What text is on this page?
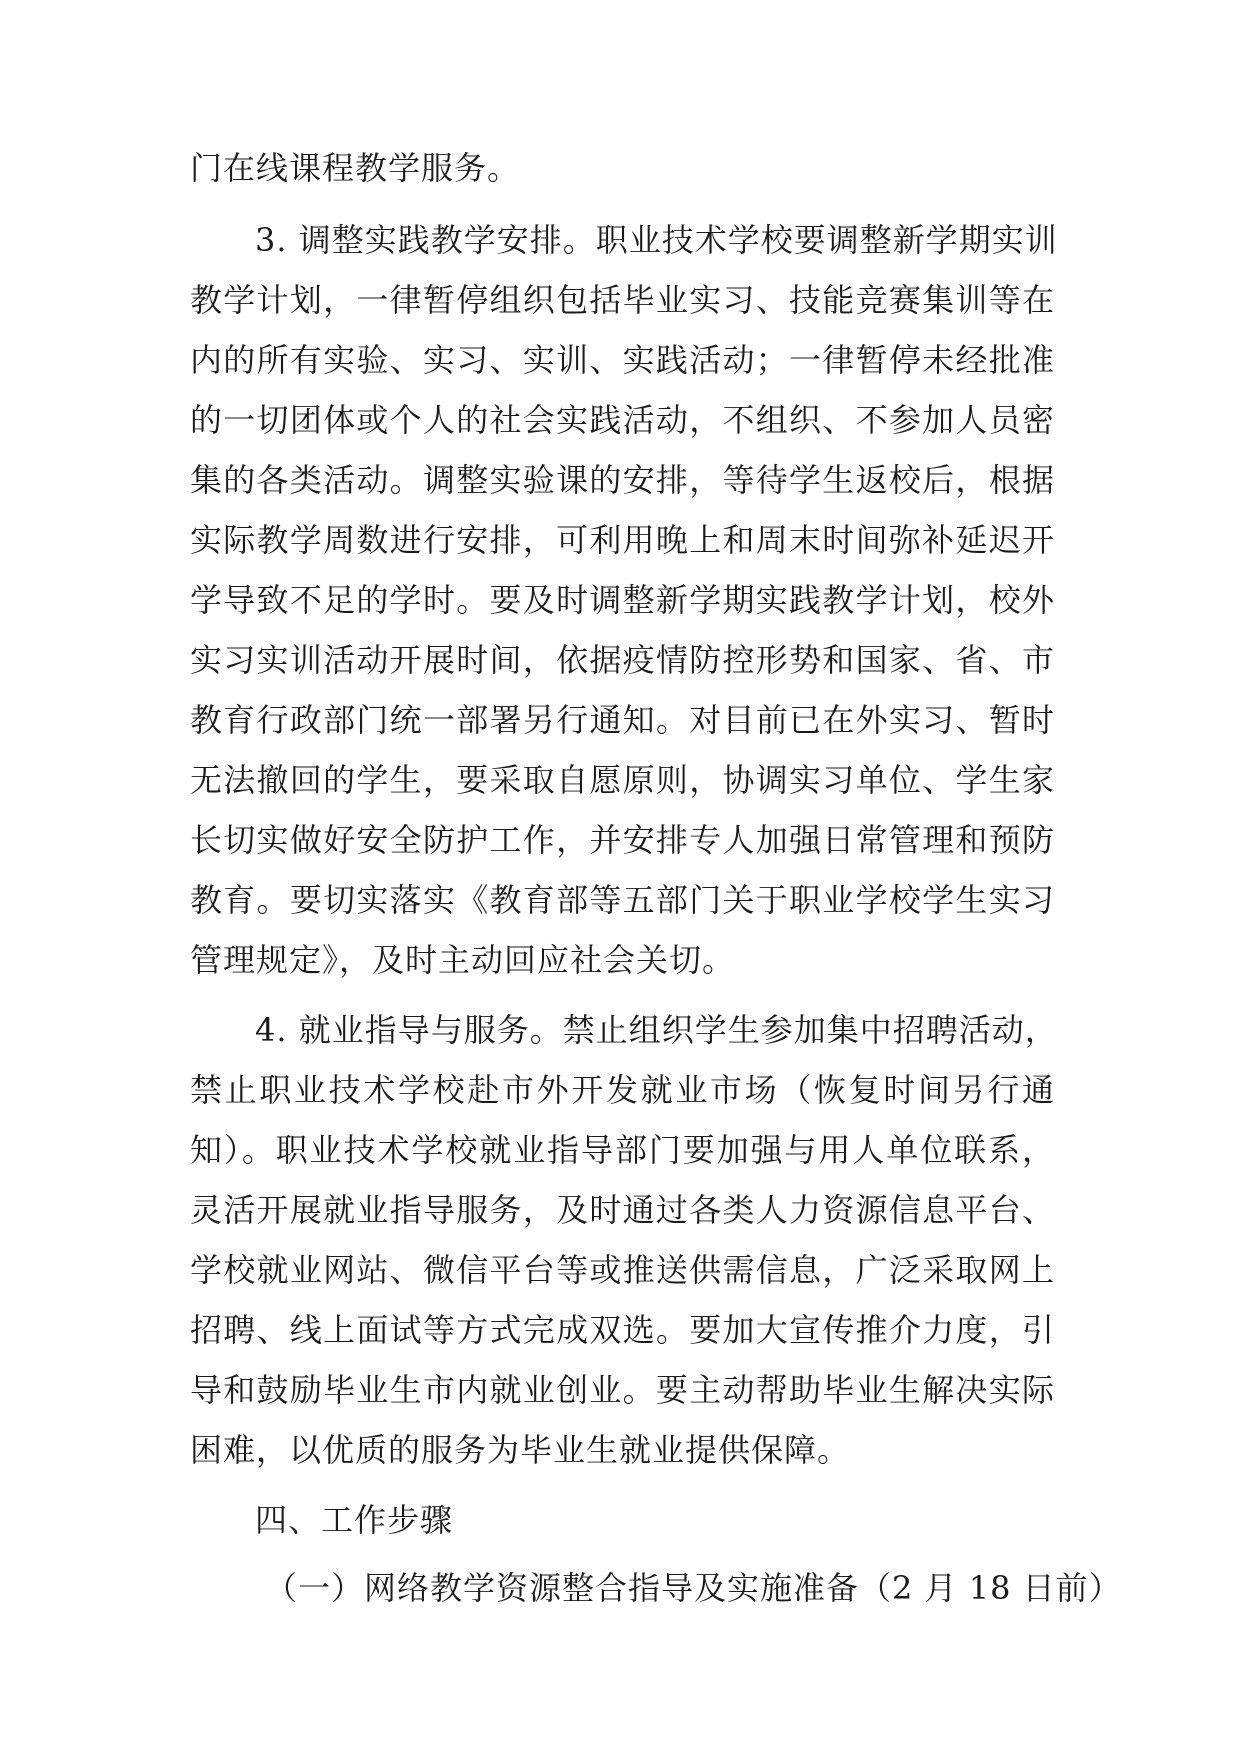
门在线课程教学服务。
3. 调整实践教学安排。职业技术学校要调整新学期实训
教学计划，一律暂停组织包括毕业实习、技能竞赛集训等在
内的所有实验、实习、实训、实践活动；一律暂停未经批准
的一切团体或个人的社会实践活动，不组织、不参加人员密
集的各类活动。调整实验课的安排，等待学生返校后，根据
实际教学周数进行安排，可利用晚上和周末时间弥补延迟开
学导致不足的学时。要及时调整新学期实践教学计划，校外
实习实训活动开展时间，依据疫情防控形势和国家、省、市
教育行政部门统一部署另行通知。对目前已在外实习、暂时
无法撤回的学生，要采取自愿原则，协调实习单位、学生家
长切实做好安全防护工作，并安排专人加强日常管理和预防
教育。要切实落实《教育部等五部门关于职业学校学生实习
管理规定》，及时主动回应社会关切。
4. 就业指导与服务。禁止组织学生参加集中招聘活动，
禁止职业技术学校赴市外开发就业市场（恢复时间另行通
知）。职业技术学校就业指导部门要加强与用人单位联系，
灵活开展就业指导服务，及时通过各类人力资源信息平台、
学校就业网站、微信平台等或推送供需信息，广泛采取网上
招聘、线上面试等方式完成双选。要加大宣传推介力度，引
导和鼓励毕业生市内就业创业。要主动帮助毕业生解决实际
困难，以优质的服务为毕业生就业提供保障。
四、工作步骤
（一）网络教学资源整合指导及实施准备（2 月 18 日前）
